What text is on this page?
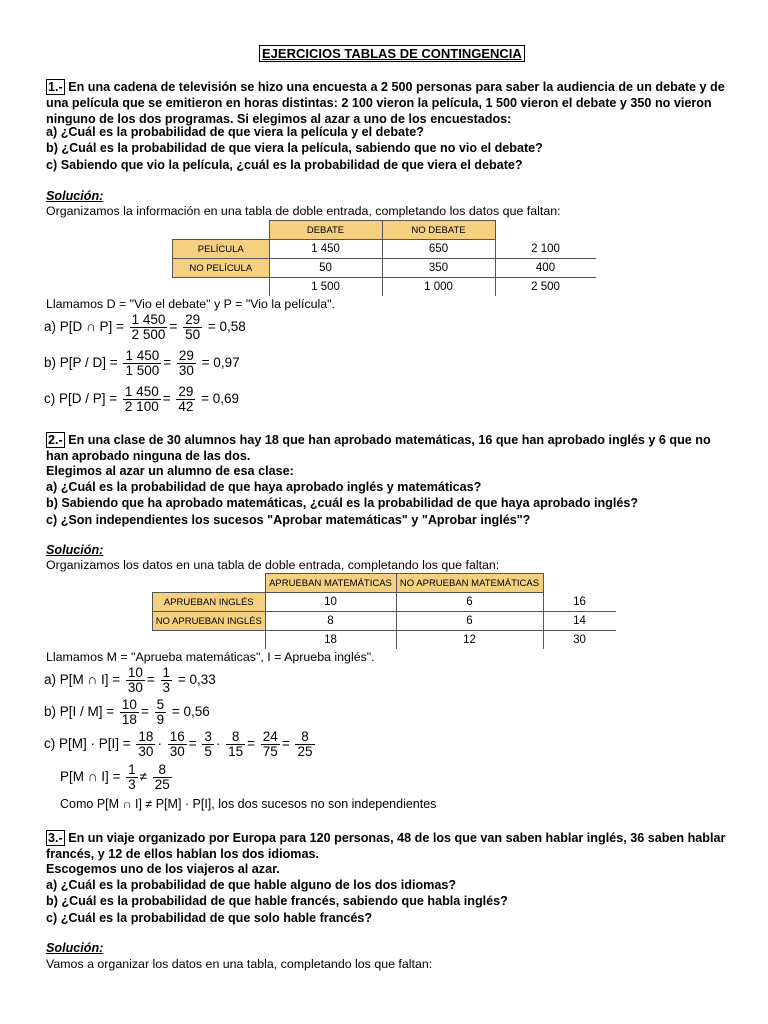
EJERCICIOS TABLAS DE CONTINGENCIA
1.- En una cadena de televisión se hizo una encuesta a 2 500 personas para saber la audiencia de un debate y de una película que se emitieron en horas distintas: 2 100 vieron la película, 1 500 vieron el debate y 350 no vieron ninguno de los dos programas. Si elegimos al azar a uno de los encuestados:
a) ¿Cuál es la probabilidad de que viera la película y el debate?
b) ¿Cuál es la probabilidad de que viera la película, sabiendo que no vio el debate?
c) Sabiendo que vio la película, ¿cuál es la probabilidad de que viera el debate?
Solución:
Organizamos la información en una tabla de doble entrada, completando los datos que faltan:
	DEBATE	NO DEBATE	
PELÍCULA	1 450	650	2 100
NO PELÍCULA	50	350	400
	1 500	1 000	2 500
Llamamos D = "Vio el debate" y P = "Vio la película".
a) P[D ∩ $P] = \frac{1 450}{2 500} = \frac{29}{50} = 0,58$
b) $P[P / D] = \frac{1 450}{1 500} = \frac{29}{30} = 0,97$
c) $P[D / P] = \frac{1 450}{2 100} = \frac{29}{42} = 0,69$
2.- En una clase de 30 alumnos hay 18 que han aprobado matemáticas, 16 que han aprobado inglés y 6 que no han aprobado ninguna de las dos.
Elegimos al azar un alumno de esa clase:
a) ¿Cuál es la probabilidad de que haya aprobado inglés y matemáticas?
b) Sabiendo que ha aprobado matemáticas, ¿cuál es la probabilidad de que haya aprobado inglés?
c) ¿Son independientes los sucesos "Aprobar matemáticas" y "Aprobar inglés"?
Solución:
Organizamos los datos en una tabla de doble entrada, completando los que faltan:
	APRUEBAN MATEMÁTICAS	NO APRUEBAN MATEMÁTICAS	
APRUEBAN INGLÉS	10	6	16
NO APRUEBAN INGLÉS	8	6	14
	18	12	30
Llamamos M = "Aprueba matemáticas", I = Aprueba inglés".
a) P[M ∩ $I] = \frac{10}{30} = \frac{1}{3} = 0,33$
b) $P[I / M] = \frac{10}{18} = \frac{5}{9} = 0,56$
c) $P[M] \cdot P[I] = \frac{18}{30} \cdot \frac{16}{30} = \frac{3}{5} \cdot \frac{8}{15} = \frac{24}{75} = \frac{8}{25}$
P[M ∩ $I] = \frac{1}{3} \ne \frac{8}{25}$
Como P[M ∩ I] ≠ P[M] · P[I], los dos sucesos no son independientes
3.- En un viaje organizado por Europa para 120 personas, 48 de los que van saben hablar inglés, 36 saben hablar francés, y 12 de ellos hablan los dos idiomas.
Escogemos uno de los viajeros al azar.
a) ¿Cuál es la probabilidad de que hable alguno de los dos idiomas?
b) ¿Cuál es la probabilidad de que hable francés, sabiendo que habla inglés?
c) ¿Cuál es la probabilidad de que solo hable francés?
Solución:
Vamos a organizar los datos en una tabla, completando los que faltan:
